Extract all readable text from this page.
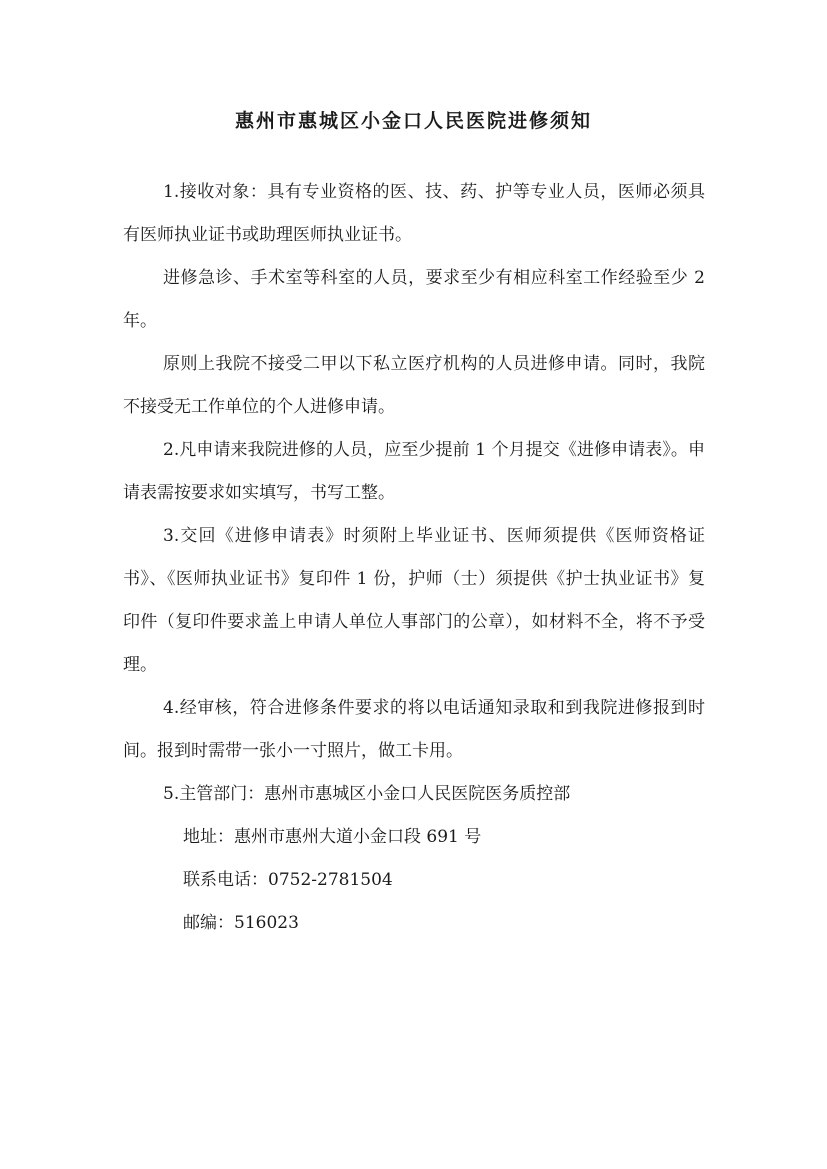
惠州市惠城区小金口人民医院进修须知

1.接收对象：具有专业资格的医、技、药、护等专业人员，医师必须具有医师执业证书或助理医师执业证书。

进修急诊、手术室等科室的人员，要求至少有相应科室工作经验至少 2 年。

原则上我院不接受二甲以下私立医疗机构的人员进修申请。同时，我院不接受无工作单位的个人进修申请。

2.凡申请来我院进修的人员，应至少提前 1 个月提交《进修申请表》。申请表需按要求如实填写，书写工整。

3.交回《进修申请表》时须附上毕业证书、医师须提供《医师资格证书》、《医师执业证书》复印件 1 份，护师（士）须提供《护士执业证书》复印件（复印件要求盖上申请人单位人事部门的公章），如材料不全，将不予受理。

4.经审核，符合进修条件要求的将以电话通知录取和到我院进修报到时间。报到时需带一张小一寸照片，做工卡用。

5.主管部门：惠州市惠城区小金口人民医院医务质控部

地址：惠州市惠州大道小金口段 691 号

联系电话：0752-2781504

邮编：516023
